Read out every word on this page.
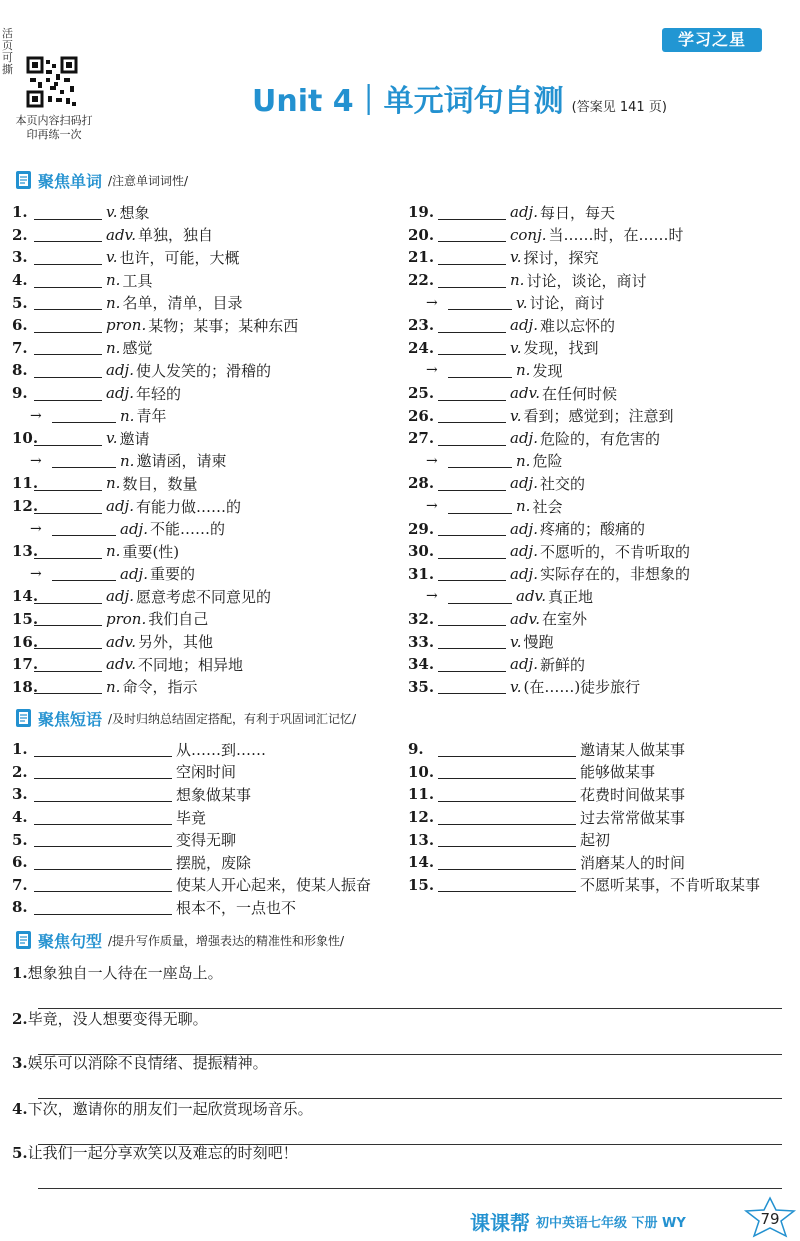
活页可撕
本页内容扫码打印再练一次
学习之星
Unit 4｜单元词句自测 (答案见 141 页)
聚焦单词 /注意单词词性/
1.	v. 想象
2.	adv. 单独，独自
3.	v. 也许，可能，大概
4.	n. 工具
5.	n. 名单，清单，目录
6.	pron. 某物；某事；某种东西
7.	n. 感觉
8.	adj. 使人发笑的；滑稽的
9.	adj. 年轻的
→	n. 青年
10.	v. 邀请
→	n. 邀请函，请柬
11.	n. 数目，数量
12.	adj. 有能力做……的
→	adj. 不能……的
13.	n. 重要(性)
→	adj. 重要的
14.	adj. 愿意考虑不同意见的
15.	pron. 我们自己
16.	adv. 另外，其他
17.	adv. 不同地；相异地
18.	n. 命令，指示
19.	adj. 每日，每天
20.	conj. 当……时，在……时
21.	v. 探讨，探究
22.	n. 讨论，谈论，商讨
→	v. 讨论，商讨
23.	adj. 难以忘怀的
24.	v. 发现，找到
→	n. 发现
25.	adv. 在任何时候
26.	v. 看到；感觉到；注意到
27.	adj. 危险的，有危害的
→	n. 危险
28.	adj. 社交的
→	n. 社会
29.	adj. 疼痛的；酸痛的
30.	adj. 不愿听的，不肯听取的
31.	adj. 实际存在的，非想象的
→	adv. 真正地
32.	adv. 在室外
33.	v. 慢跑
34.	adj. 新鲜的
35.	v. (在……)徒步旅行
聚焦短语 /及时归纳总结固定搭配，有利于巩固词汇记忆/
1.	从……到……
2.	空闲时间
3.	想象做某事
4.	毕竟
5.	变得无聊
6.	摆脱，废除
7.	使某人开心起来，使某人振奋
8.	根本不，一点也不
9.	邀请某人做某事
10.	能够做某事
11.	花费时间做某事
12.	过去常常做某事
13.	起初
14.	消磨某人的时间
15.	不愿听某事，不肯听取某事
聚焦句型 /提升写作质量，增强表达的精准性和形象性/
1.想象独自一人待在一座岛上。
2.毕竟，没人想要变得无聊。
3.娱乐可以消除不良情绪、提振精神。
4.下次，邀请你的朋友们一起欣赏现场音乐。
5.让我们一起分享欢笑以及难忘的时刻吧！
课课帮 初中英语七年级 下册 WY	79
